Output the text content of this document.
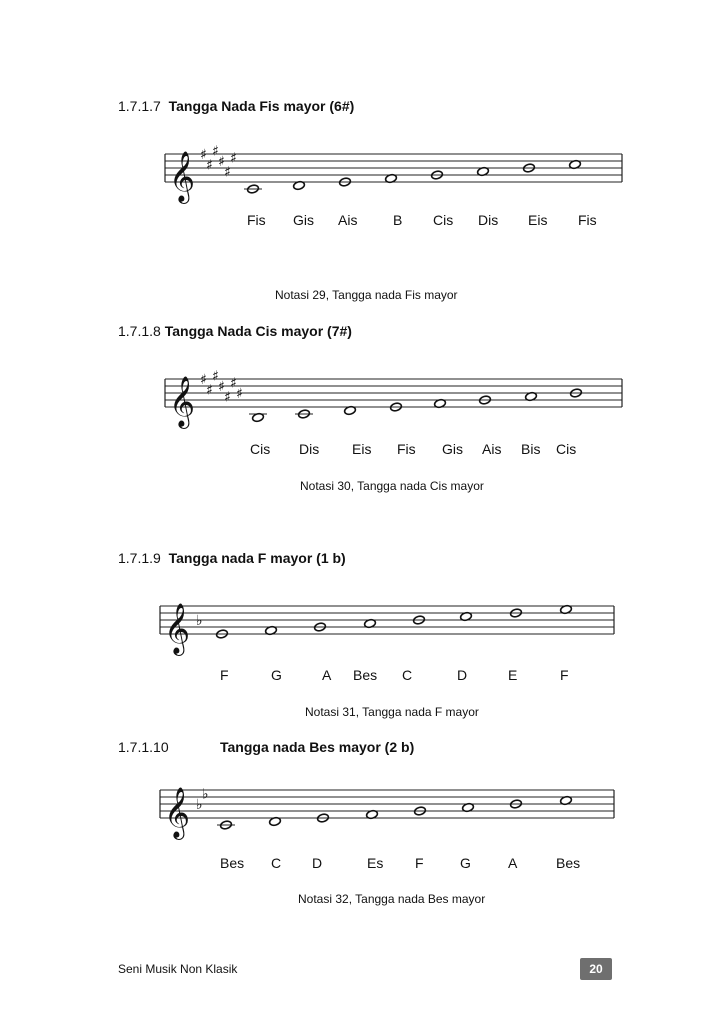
1.7.1.7 Tangga Nada Fis mayor (6#)
𝄞 ♯
♯
♯
♯
♯
♯
𝄞 ♯
♯
♯
♯
♯
♯
♯
𝄞 ♭
𝄞 ♭
♭
1.7.1.8 Tangga Nada Cis mayor (7#)
1.7.1.9 Tangga nada F mayor (1 b)
1.7.1.10	Tangga nada Bes mayor (2 b)
Fis Gis Ais	B Cis Dis Eis Fis
Cis Dis Eis Fis Gis Ais Bis Cis
F	G	A Bes C	D	E	F
Bes C D	Es F	G	A	Bes
Notasi 29, Tangga nada Fis mayor
Notasi 30, Tangga nada Cis mayor
Notasi 31, Tangga nada F mayor
Notasi 32, Tangga nada Bes mayor
Seni Musik Non Klasik	20
